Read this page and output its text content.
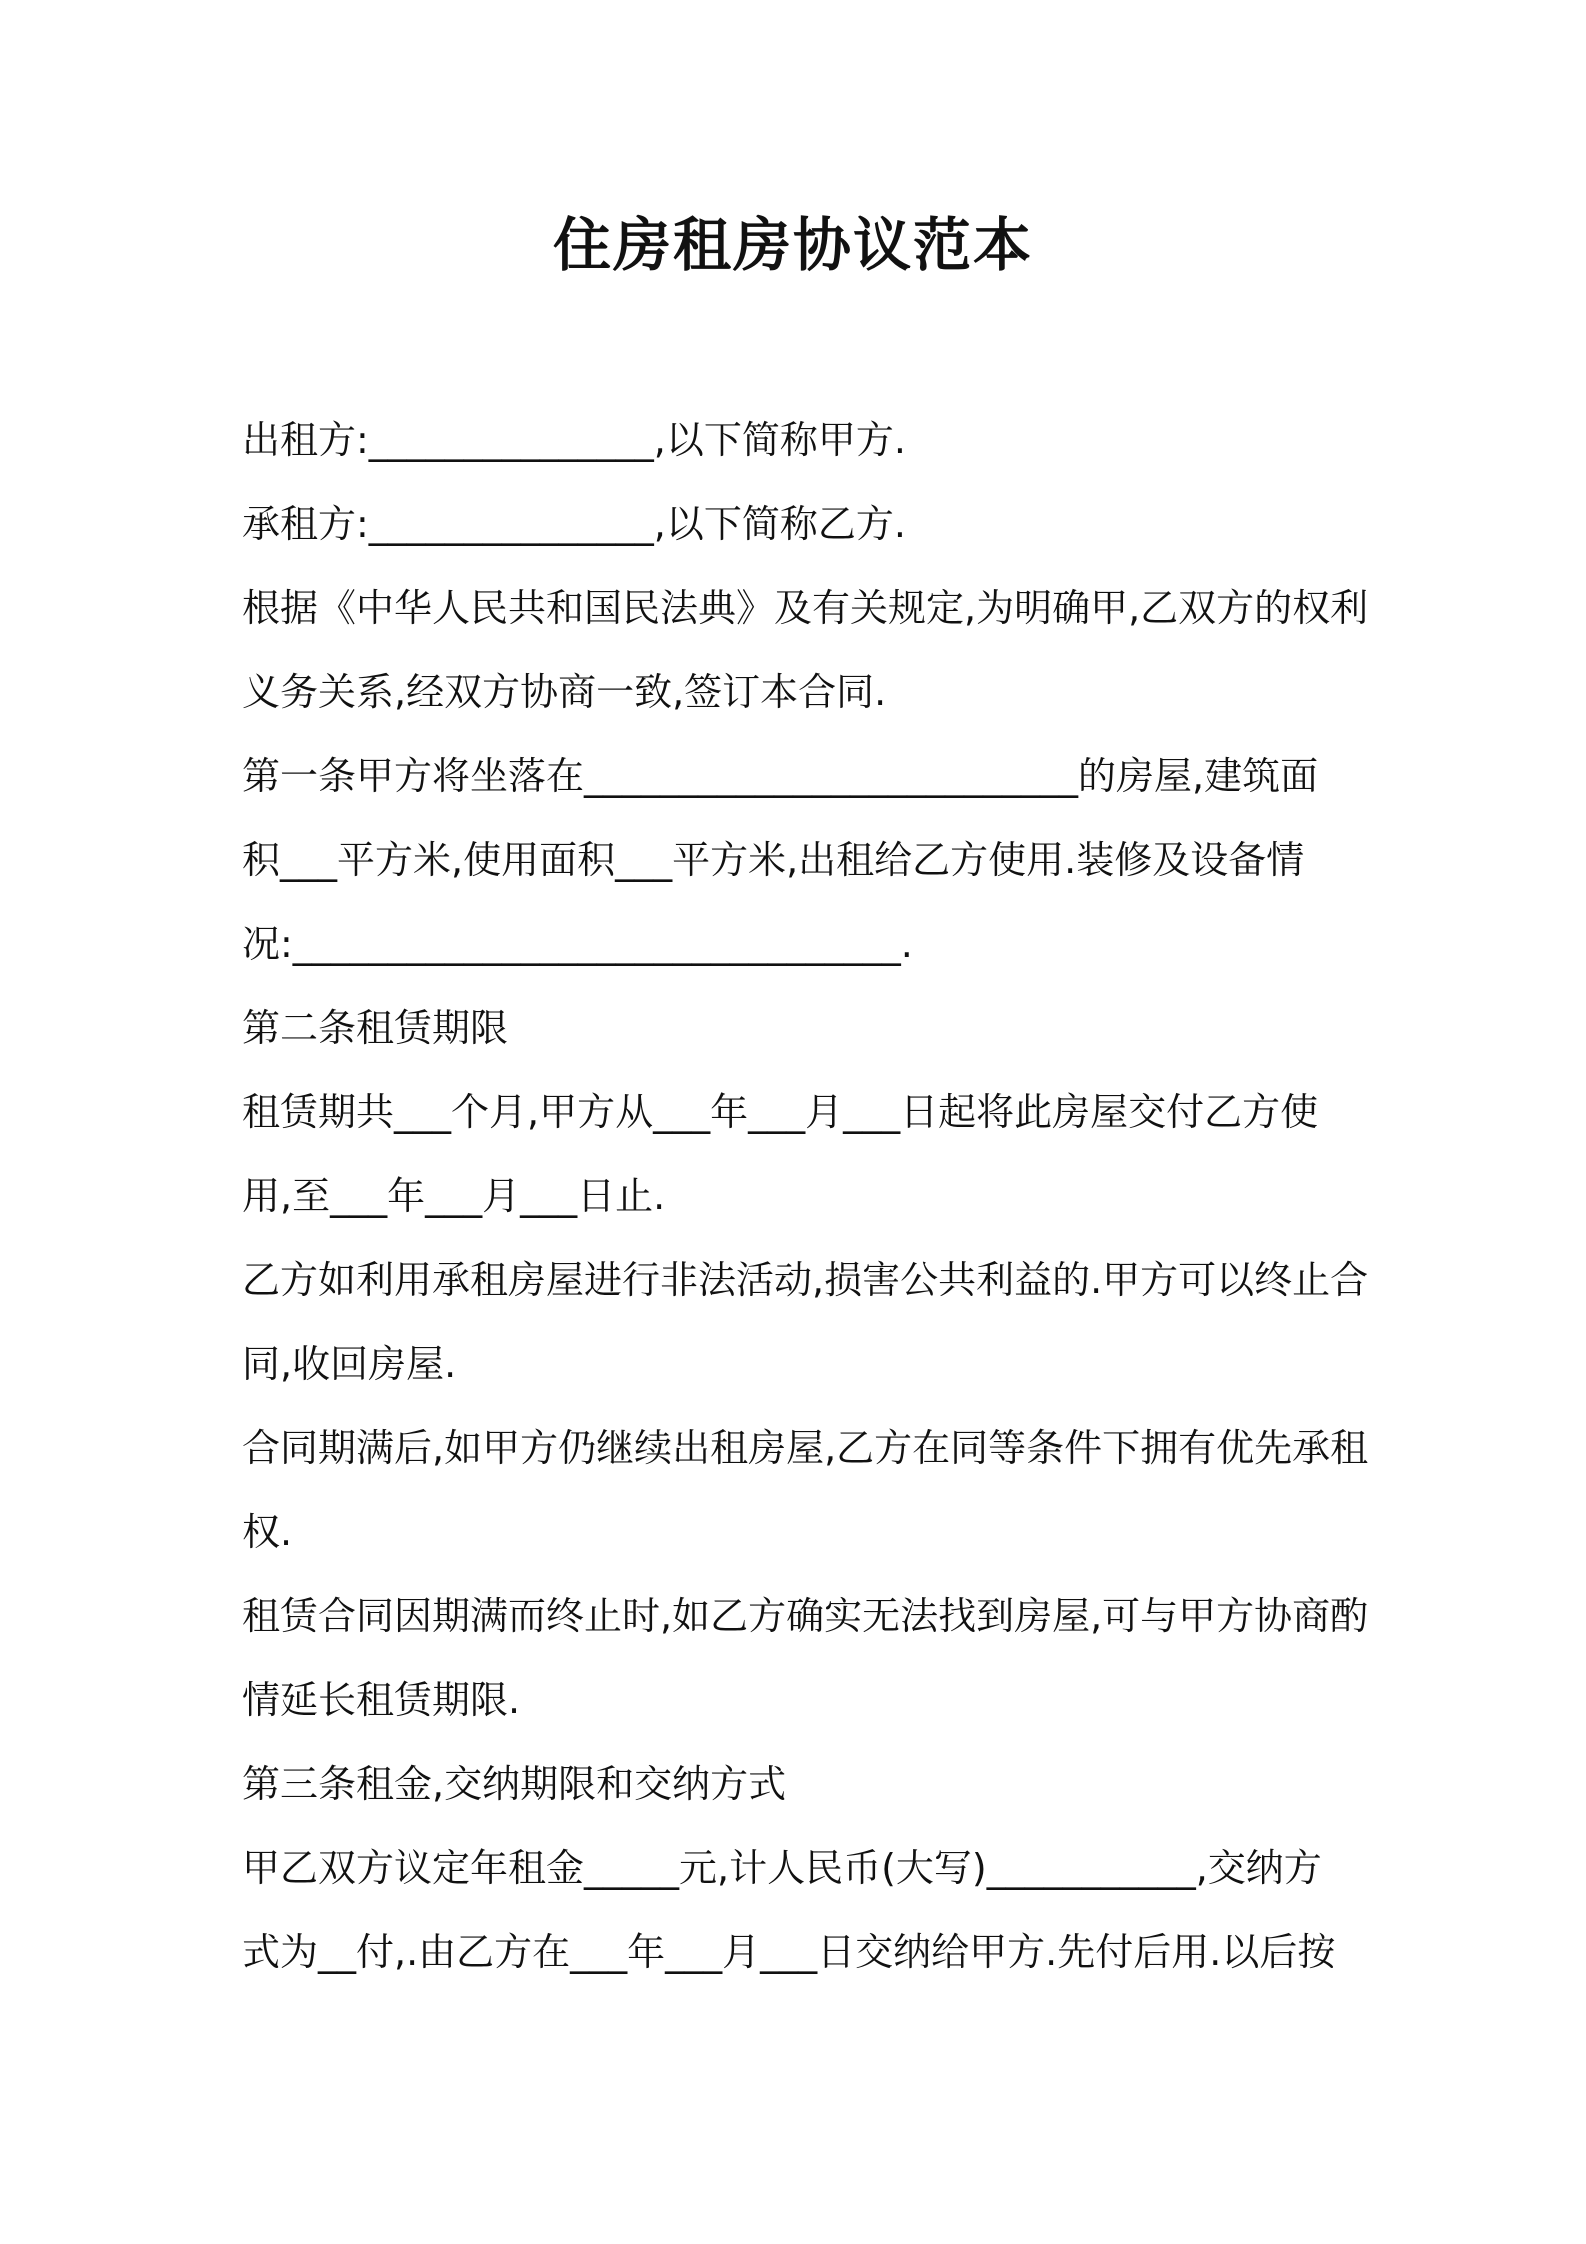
住房租房协议范本
出租方:_______________,以下简称甲方.
承租方:_______________,以下简称乙方.
根据《中华人民共和国民法典》及有关规定,为明确甲,乙双方的权利
义务关系,经双方协商一致,签订本合同.
第一条甲方将坐落在__________________________的房屋,建筑面
积___平方米,使用面积___平方米,出租给乙方使用.装修及设备情
况:________________________________.
第二条租赁期限
租赁期共___个月,甲方从___年___月___日起将此房屋交付乙方使
用,至___年___月___日止.
乙方如利用承租房屋进行非法活动,损害公共利益的.甲方可以终止合
同,收回房屋.
合同期满后,如甲方仍继续出租房屋,乙方在同等条件下拥有优先承租
权.
租赁合同因期满而终止时,如乙方确实无法找到房屋,可与甲方协商酌
情延长租赁期限.
第三条租金,交纳期限和交纳方式
甲乙双方议定年租金_____元,计人民币(大写)___________,交纳方
式为__付,.由乙方在___年___月___日交纳给甲方.先付后用.以后按
